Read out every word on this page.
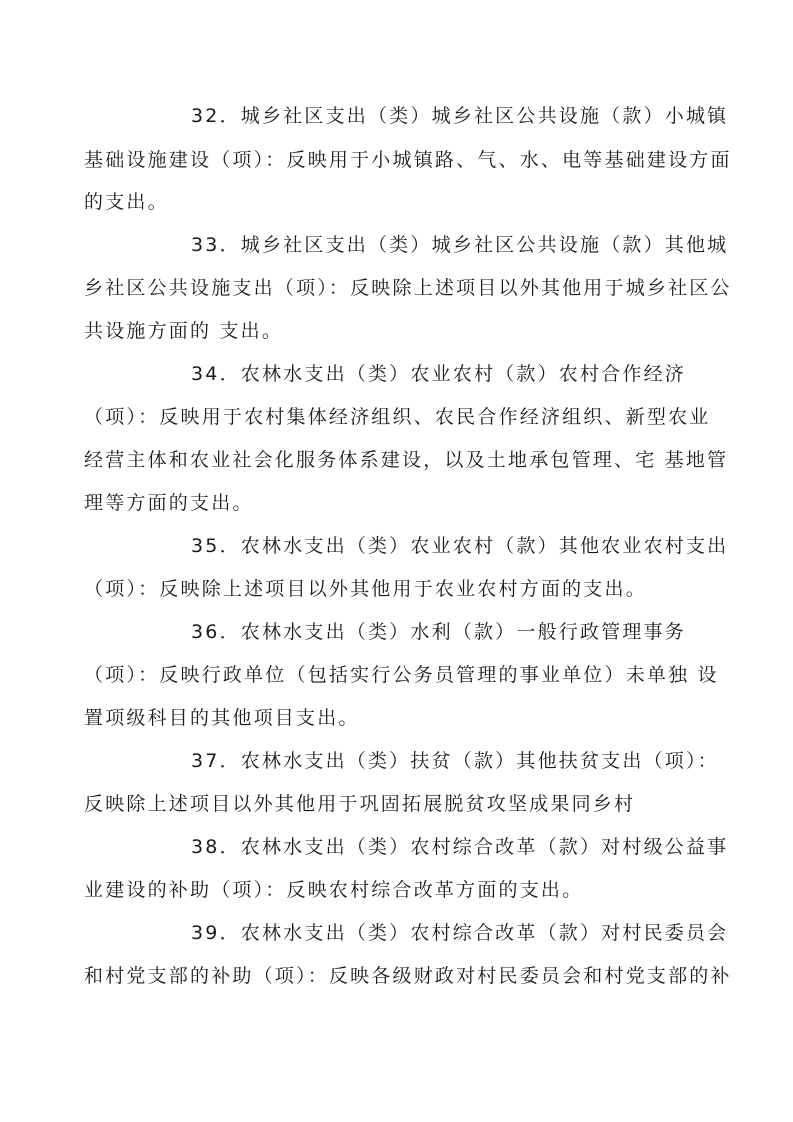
32．城乡社区支出（类）城乡社区公共设施（款）小城镇
基础设施建设（项）：反映用于小城镇路、气、水、电等基础建设方面
的支出。
33．城乡社区支出（类）城乡社区公共设施（款）其他城
乡社区公共设施支出（项）：反映除上述项目以外其他用于城乡社区公
共设施方面的 支出。
34．农林水支出（类）农业农村（款）农村合作经济
（项）：反映用于农村集体经济组织、农民合作经济组织、新型农业
经营主体和农业社会化服务体系建设，以及土地承包管理、宅 基地管
理等方面的支出。
35．农林水支出（类）农业农村（款）其他农业农村支出
（项）：反映除上述项目以外其他用于农业农村方面的支出。
36．农林水支出（类）水利（款）一般行政管理事务
（项）：反映行政单位（包括实行公务员管理的事业单位）未单独 设
置项级科目的其他项目支出。
37．农林水支出（类）扶贫（款）其他扶贫支出（项）：
反映除上述项目以外其他用于巩固拓展脱贫攻坚成果同乡村
38．农林水支出（类）农村综合改革（款）对村级公益事
业建设的补助（项）：反映农村综合改革方面的支出。
39．农林水支出（类）农村综合改革（款）对村民委员会
和村党支部的补助（项）：反映各级财政对村民委员会和村党支部的补
